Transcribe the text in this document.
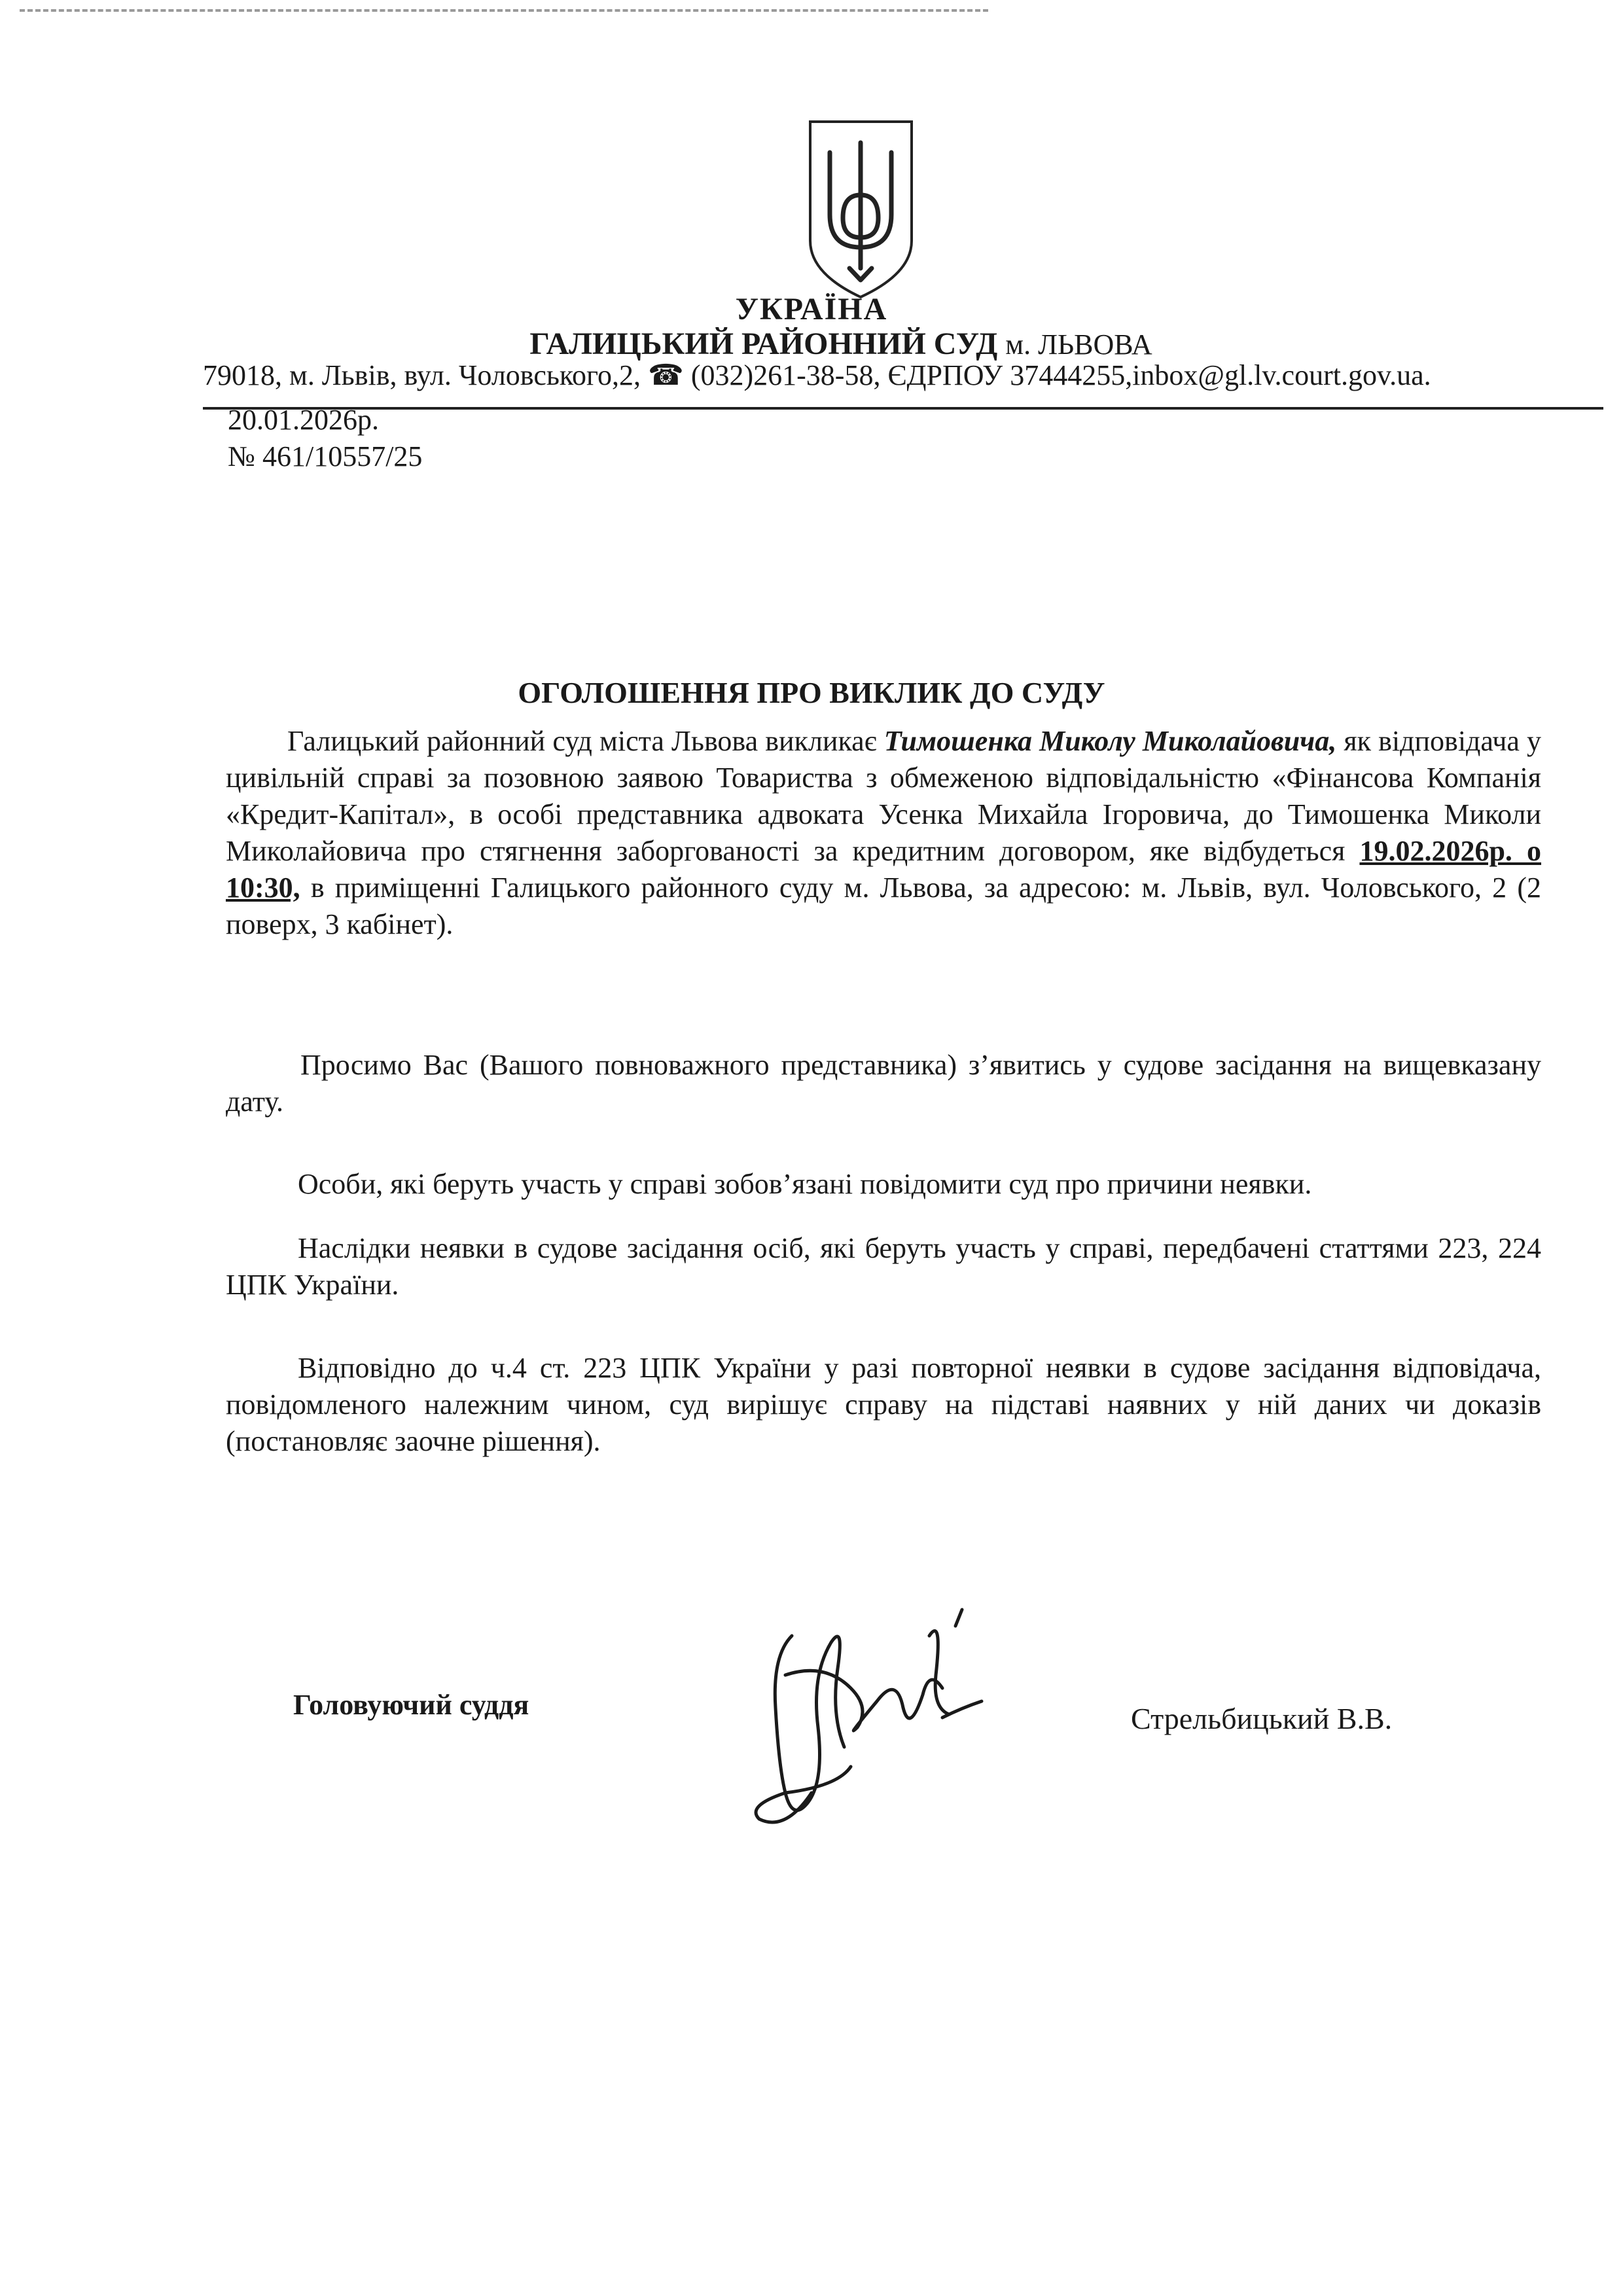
УКРАЇНА
ГАЛИЦЬКИЙ РАЙОННИЙ СУД м. ЛЬВОВА
79018, м. Львів, вул. Чоловського,2, ☎ (032)261-38-58, ЄДРПОУ 37444255,inbox@gl.lv.court.gov.ua.
20.01.2026р.
№ 461/10557/25
ОГОЛОШЕННЯ ПРО ВИКЛИК ДО СУДУ
Галицький районний суд міста Львова викликає Тимошенка Миколу Миколайовича, як відповідача у цивільній справі за позовною заявою Товариства з обмеженою відповідальністю «Фінансова Компанія «Кредит-Капітал», в особі представника адвоката Усенка Михайла Ігоровича, до Тимошенка Миколи Миколайовича про стягнення заборгованості за кредитним договором, яке відбудеться 19.02.2026р. о 10:30, в приміщенні Галицького районного суду м. Львова, за адресою: м. Львів, вул. Чоловського, 2 (2 поверх, 3 кабінет).
Просимо Вас (Вашого повноважного представника) з’явитись у судове засідання на вищевказану дату.
Особи, які беруть участь у справі зобов’язані повідомити суд про причини неявки.
Наслідки неявки в судове засідання осіб, які беруть участь у справі, передбачені статтями 223, 224 ЦПК України.
Відповідно до ч.4 ст. 223 ЦПК України у разі повторної неявки в судове засідання відповідача, повідомленого належним чином, суд вирішує справу на підставі наявних у ній даних чи доказів (постановляє заочне рішення).
Головуючий суддя	Стрельбицький В.В.
